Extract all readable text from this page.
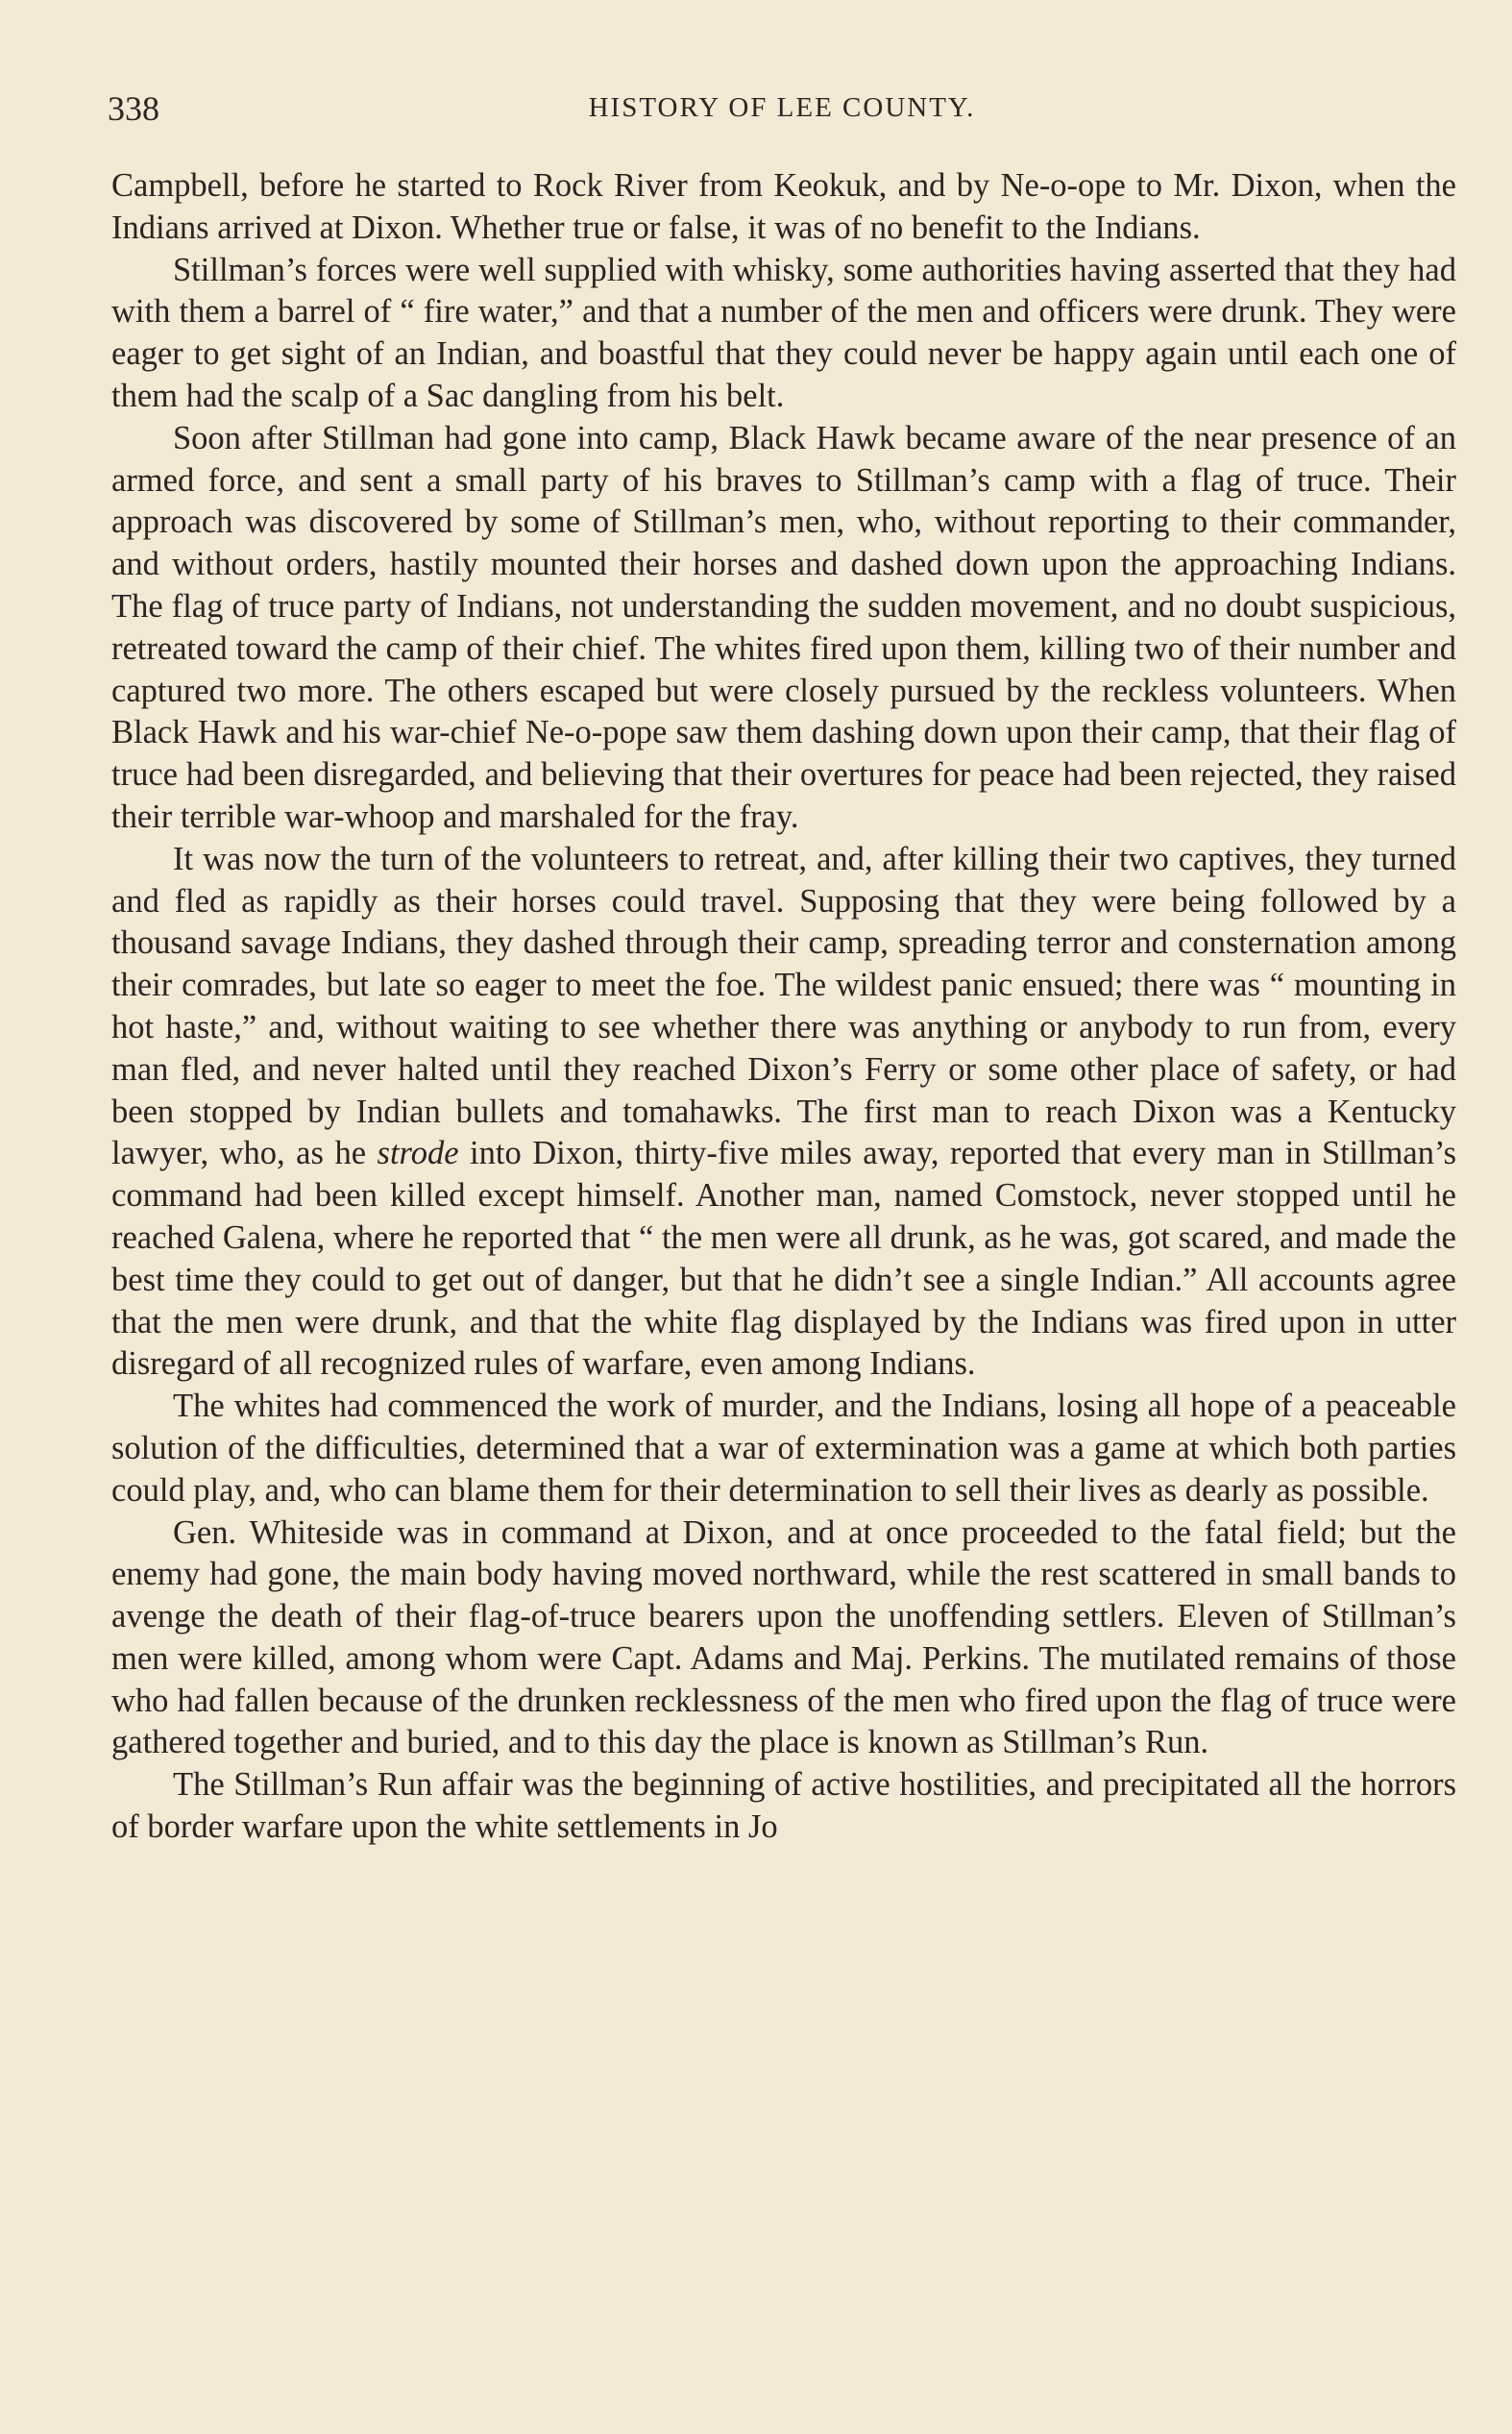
338	HISTORY OF LEE COUNTY.

Campbell, before he started to Rock River from Keokuk, and by Ne-o-ope to Mr. Dixon, when the Indians arrived at Dixon. Whether true or false, it was of no benefit to the Indians.

Stillman’s forces were well supplied with whisky, some authorities having asserted that they had with them a barrel of “ fire water,” and that a number of the men and officers were drunk. They were eager to get sight of an Indian, and boastful that they could never be happy again until each one of them had the scalp of a Sac dangling from his belt.

Soon after Stillman had gone into camp, Black Hawk became aware of the near presence of an armed force, and sent a small party of his braves to Stillman’s camp with a flag of truce. Their approach was discovered by some of Stillman’s men, who, without reporting to their commander, and without orders, hastily mounted their horses and dashed down upon the approaching Indians. The flag of truce party of Indians, not understanding the sudden movement, and no doubt suspicious, retreated toward the camp of their chief. The whites fired upon them, killing two of their number and captured two more. The others escaped but were closely pursued by the reckless volunteers. When Black Hawk and his war-chief Ne-o-pope saw them dashing down upon their camp, that their flag of truce had been disregarded, and believing that their overtures for peace had been rejected, they raised their terrible war-whoop and marshaled for the fray.

It was now the turn of the volunteers to retreat, and, after killing their two captives, they turned and fled as rapidly as their horses could travel. Supposing that they were being followed by a thousand savage Indians, they dashed through their camp, spreading terror and consternation among their comrades, but late so eager to meet the foe. The wildest panic ensued; there was “ mounting in hot haste,” and, without waiting to see whether there was anything or anybody to run from, every man fled, and never halted until they reached Dixon’s Ferry or some other place of safety, or had been stopped by Indian bullets and tomahawks. The first man to reach Dixon was a Kentucky lawyer, who, as he strode into Dixon, thirty-five miles away, reported that every man in Stillman’s command had been killed except himself. Another man, named Comstock, never stopped until he reached Galena, where he reported that “ the men were all drunk, as he was, got scared, and made the best time they could to get out of danger, but that he didn’t see a single Indian.” All accounts agree that the men were drunk, and that the white flag displayed by the Indians was fired upon in utter disregard of all recognized rules of warfare, even among Indians.

The whites had commenced the work of murder, and the Indians, losing all hope of a peaceable solution of the difficulties, determined that a war of extermination was a game at which both parties could play, and, who can blame them for their determination to sell their lives as dearly as possible.

Gen. Whiteside was in command at Dixon, and at once proceeded to the fatal field; but the enemy had gone, the main body having moved northward, while the rest scattered in small bands to avenge the death of their flag-of-truce bearers upon the unoffending settlers. Eleven of Stillman’s men were killed, among whom were Capt. Adams and Maj. Perkins. The mutilated remains of those who had fallen because of the drunken recklessness of the men who fired upon the flag of truce were gathered together and buried, and to this day the place is known as Stillman’s Run.

The Stillman’s Run affair was the beginning of active hostilities, and precipitated all the horrors of border warfare upon the white settlements in Jo
